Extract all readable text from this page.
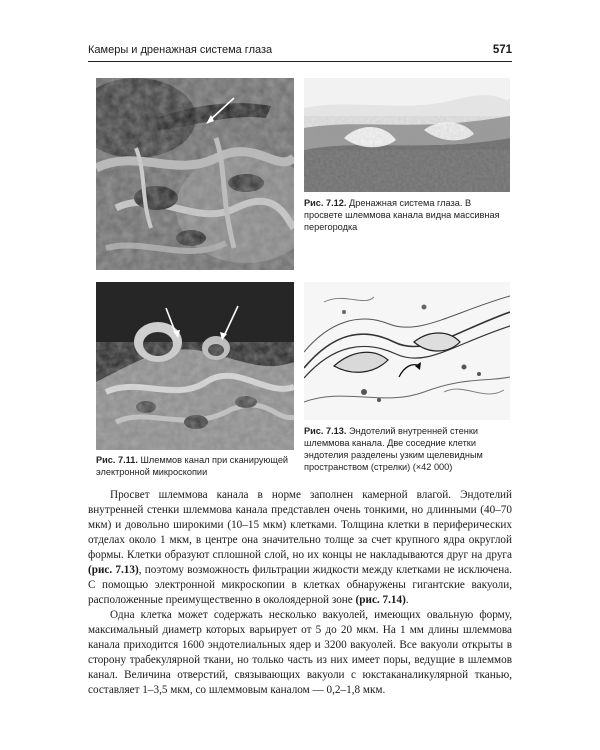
Камеры и дренажная система глаза	571
Рис. 7.12. Дренажная система глаза. В просвете шлеммова канала видна массивная перегородка
Рис. 7.11. Шлеммов канал при сканирующей электронной микроскопии
Рис. 7.13. Эндотелий внутренней стенки шлеммова канала. Две соседние клетки эндотелия разделены узким щелевидным пространством (стрелки) (×42 000)

Просвет шлеммова канала в норме заполнен камерной влагой. Эндотелий внутренней стенки шлеммова канала представлен очень тонкими, но длинными (40–70 мкм) и довольно широкими (10–15 мкм) клетками. Толщина клетки в периферических отделах около 1 мкм, в центре она значительно толще за счет крупного ядра округлой формы. Клетки образуют сплошной слой, но их концы не накладываются друг на друга (рис. 7.13), поэтому возможность фильтрации жидкости между клетками не исключена. С помощью электронной микроскопии в клетках обнаружены гигантские вакуоли, расположенные преимущественно в околоядерной зоне (рис. 7.14).

Одна клетка может содержать несколько вакуолей, имеющих овальную форму, максимальный диаметр которых варьирует от 5 до 20 мкм. На 1 мм длины шлеммова канала приходится 1600 эндотелиальных ядер и 3200 вакуолей. Все вакуоли открыты в сторону трабекулярной ткани, но только часть из них имеет поры, ведущие в шлеммов канал. Величина отверстий, связывающих вакуоли с юкстаканаликулярной тканью, составляет 1–3,5 мкм, со шлеммовым каналом — 0,2–1,8 мкм.
